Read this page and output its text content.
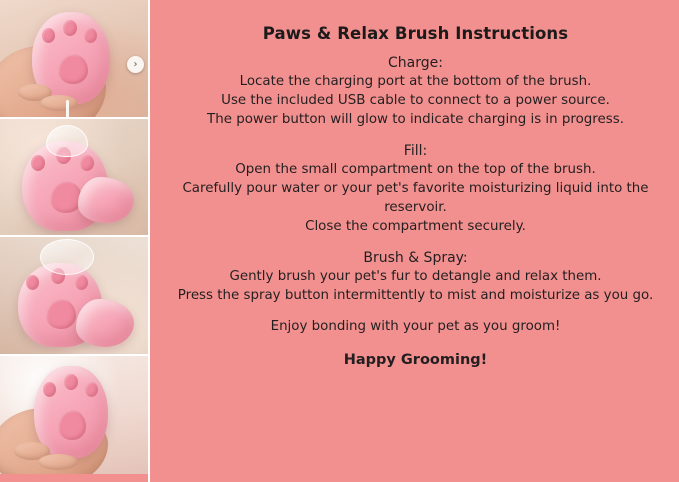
›
Paws & Relax Brush Instructions

Charge:

Locate the charging port at the bottom of the brush.

Use the included USB cable to connect to a power source.

The power button will glow to indicate charging is in progress.

Fill:

Open the small compartment on the top of the brush.

Carefully pour water or your pet's favorite moisturizing liquid into the reservoir.

Close the compartment securely.

Brush & Spray:

Gently brush your pet's fur to detangle and relax them.

Press the spray button intermittently to mist and moisturize as you go.

Enjoy bonding with your pet as you groom!

Happy Grooming!
